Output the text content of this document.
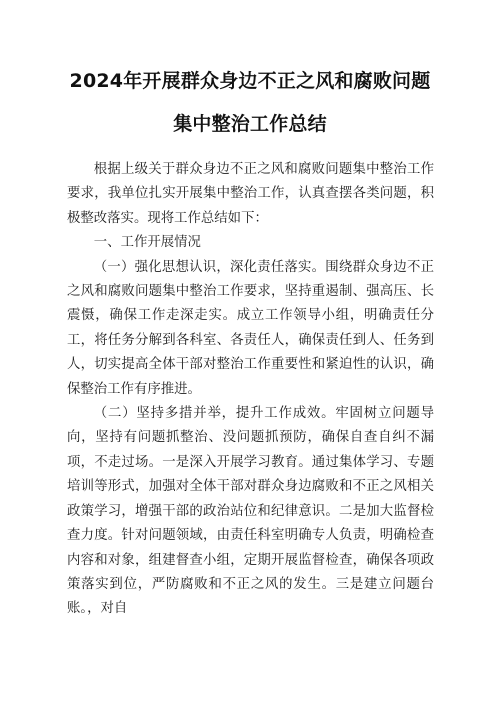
2024年开展群众身边不正之风和腐败问题
集中整治工作总结

根据上级关于群众身边不正之风和腐败问题集中整治工作要求，我单位扎实开展集中整治工作，认真查摆各类问题，积极整改落实。现将工作总结如下：

一、工作开展情况

（一）强化思想认识，深化责任落实。围绕群众身边不正之风和腐败问题集中整治工作要求，坚持重遏制、强高压、长震慑，确保工作走深走实。成立工作领导小组，明确责任分工，将任务分解到各科室、各责任人，确保责任到人、任务到人，切实提高全体干部对整治工作重要性和紧迫性的认识，确保整治工作有序推进。

（二）坚持多措并举，提升工作成效。牢固树立问题导向，坚持有问题抓整治、没问题抓预防，确保自查自纠不漏项，不走过场。一是深入开展学习教育。通过集体学习、专题培训等形式，加强对全体干部对群众身边腐败和不正之风相关政策学习，增强干部的政治站位和纪律意识。二是加大监督检查力度。针对问题领域，由责任科室明确专人负责，明确检查内容和对象，组建督查小组，定期开展监督检查，确保各项政策落实到位，严防腐败和不正之风的发生。三是建立问题台账。，对自
